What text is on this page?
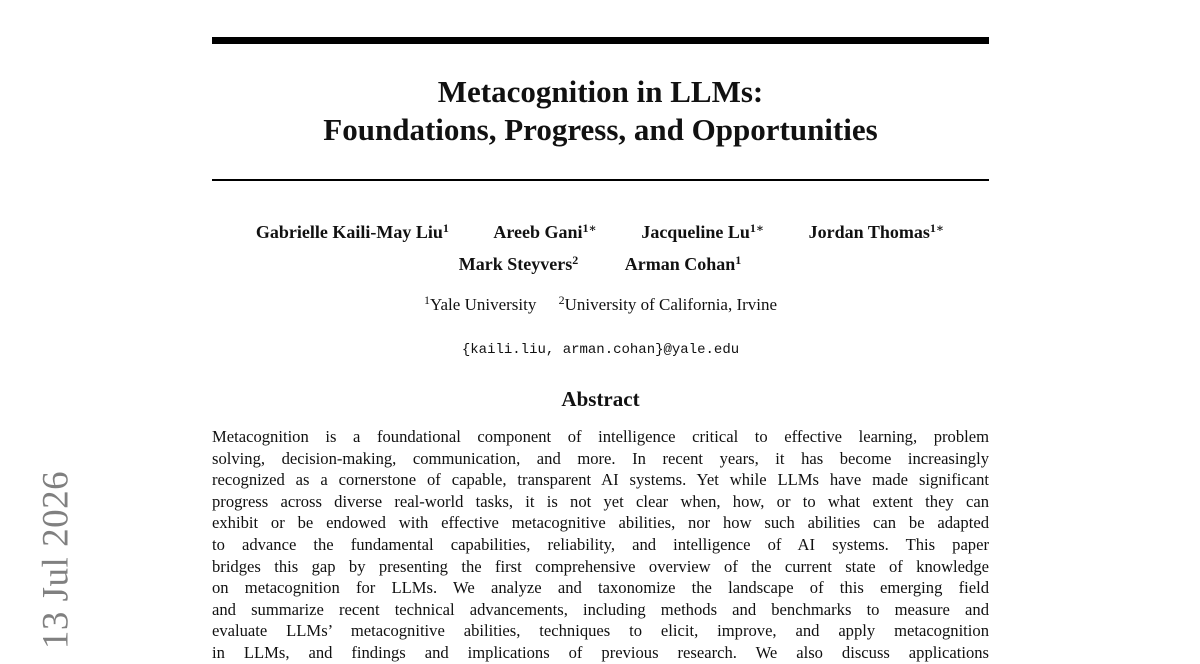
Metacognition in LLMs:
Foundations, Progress, and Opportunities
Gabrielle Kaili-May Liu$^1$ Areeb Gani$^{1∗}$ Jacqueline $Lu^{1∗}$ Jordan Thomas$^{1∗}$
Mark Steyvers$^2$	Arman Cohan$^1$
$^1$Yale University $^2$University of California, Irvine
{kaili.liu, arman.cohan}@yale.edu
Abstract
Metacognition is a foundational component of intelligence critical to effective learning, problem
solving, decision-making, communication, and more. In recent years, it has become increasingly
recognized as a cornerstone of capable, transparent AI systems. Yet while LLMs have made significant
progress across diverse real-world tasks, it is not yet clear when, how, or to what extent they can
exhibit or be endowed with effective metacognitive abilities, nor how such abilities can be adapted
to advance the fundamental capabilities, reliability, and intelligence of AI systems. This paper
bridges this gap by presenting the first comprehensive overview of the current state of knowledge
on metacognition for LLMs. We analyze and taxonomize the landscape of this emerging field
and summarize recent technical advancements, including methods and benchmarks to measure and
evaluate LLMs’ metacognitive abilities, techniques to elicit, improve, and apply metacognition
in LLMs, and findings and implications of previous research. We also discuss applications
13 Jul 2026
